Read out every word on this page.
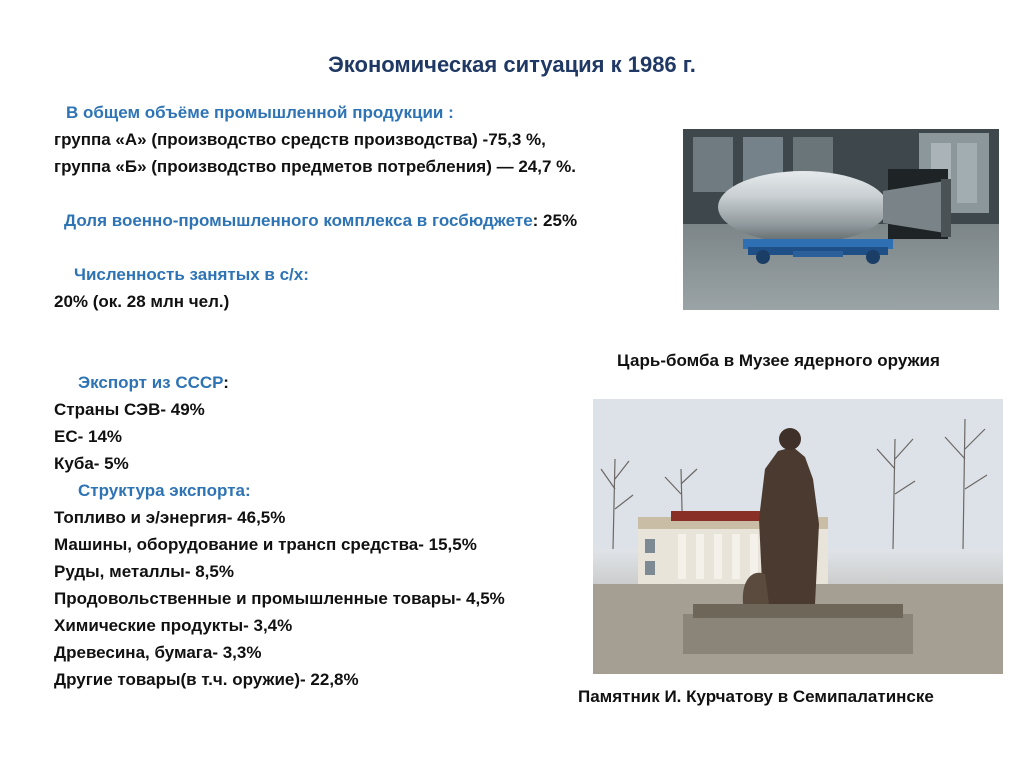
Экономическая ситуация к 1986 г.
В общем объёме промышленной продукции :
группа «А» (производство средств производства) -75,3 %,
группа «Б» (производство предметов потребления) — 24,7 %.
Доля военно-промышленного комплекса в госбюджете: 25%
Численность занятых в с/х:
20% (ок. 28 млн чел.)
Экспорт из СССР:
Страны СЭВ- 49%
ЕС- 14%
Куба- 5%
Структура экспорта:
Топливо и э/энергия- 46,5%
Машины, оборудование и трансп средства- 15,5%
Руды, металлы- 8,5%
Продовольственные и промышленные товары- 4,5%
Химические продукты- 3,4%
Древесина, бумага- 3,3%
Другие товары(в т.ч. оружие)- 22,8%

Царь-бомба в Музее ядерного оружия

Памятник И. Курчатову в Семипалатинске
